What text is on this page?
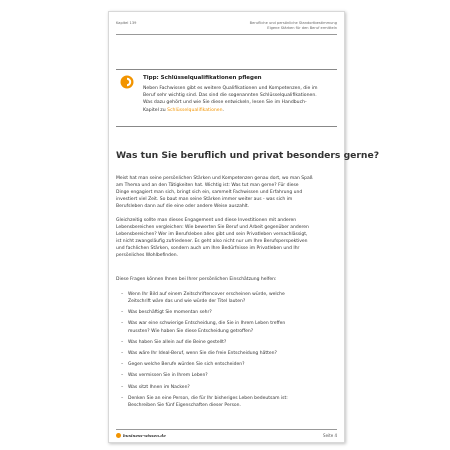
Kapitel 139	Berufliche und persönliche Standortbestimmung
Eigene Stärken für den Beruf ermitteln
Tipp: Schlüsselqualifikationen pflegen
Neben Fachwissen gibt es weitere Qualifikationen und Kompetenzen, die im
Beruf sehr wichtig sind. Das sind die sogenannten Schlüsselqualifikationen.
Was dazu gehört und wie Sie diese entwickeln, lesen Sie im Handbuch-
Kapitel zu Schlüsselqualifikationen.
Was tun Sie beruflich und privat besonders gerne?
Meist hat man seine persönlichen Stärken und Kompetenzen genau dort, wo man Spaß
am Thema und an den Tätigkeiten hat. Wichtig ist: Was tut man gerne? Für diese
Dinge engagiert man sich, bringt sich ein, sammelt Fachwissen und Erfahrung und
investiert viel Zeit. So baut man seine Stärken immer weiter aus - was sich im
Berufsleben dann auf die eine oder andere Weise auszahlt.
Gleichzeitig sollte man dieses Engagement und diese Investitionen mit anderen
Lebensbereichen vergleichen: Wie bewerten Sie Beruf und Arbeit gegenüber anderen
Lebensbereichen? Wer im Berufsleben alles gibt und sein Privatleben vernachlässigt,
ist nicht zwangsläufig zufriedener. Es geht also nicht nur um Ihre Berufsperspektiven
und fachlichen Stärken, sondern auch um Ihre Bedürfnisse im Privatleben und Ihr
persönliches Wohlbefinden.
Diese Fragen können Ihnen bei Ihrer persönlichen Einschätzung helfen:
– Wenn Ihr Bild auf einem Zeitschriftencover erscheinen würde, welche
Zeitschrift wäre das und wie würde der Titel lauten?
– Was beschäftigt Sie momentan sehr?
– Was war eine schwierige Entscheidung, die Sie in Ihrem Leben treffen
mussten? Wie haben Sie diese Entscheidung getroffen?
– Was haben Sie allein auf die Beine gestellt?
– Was wäre Ihr Ideal-Beruf, wenn Sie die freie Entscheidung hätten?
– Gegen welche Berufe würden Sie sich entscheiden?
– Was vermissen Sie in Ihrem Leben?
– Was sitzt Ihnen im Nacken?
– Denken Sie an eine Person, die für Ihr bisheriges Leben bedeutsam ist:
Beschreiben Sie fünf Eigenschaften dieser Person.
business-wissen.de	Seite 4
